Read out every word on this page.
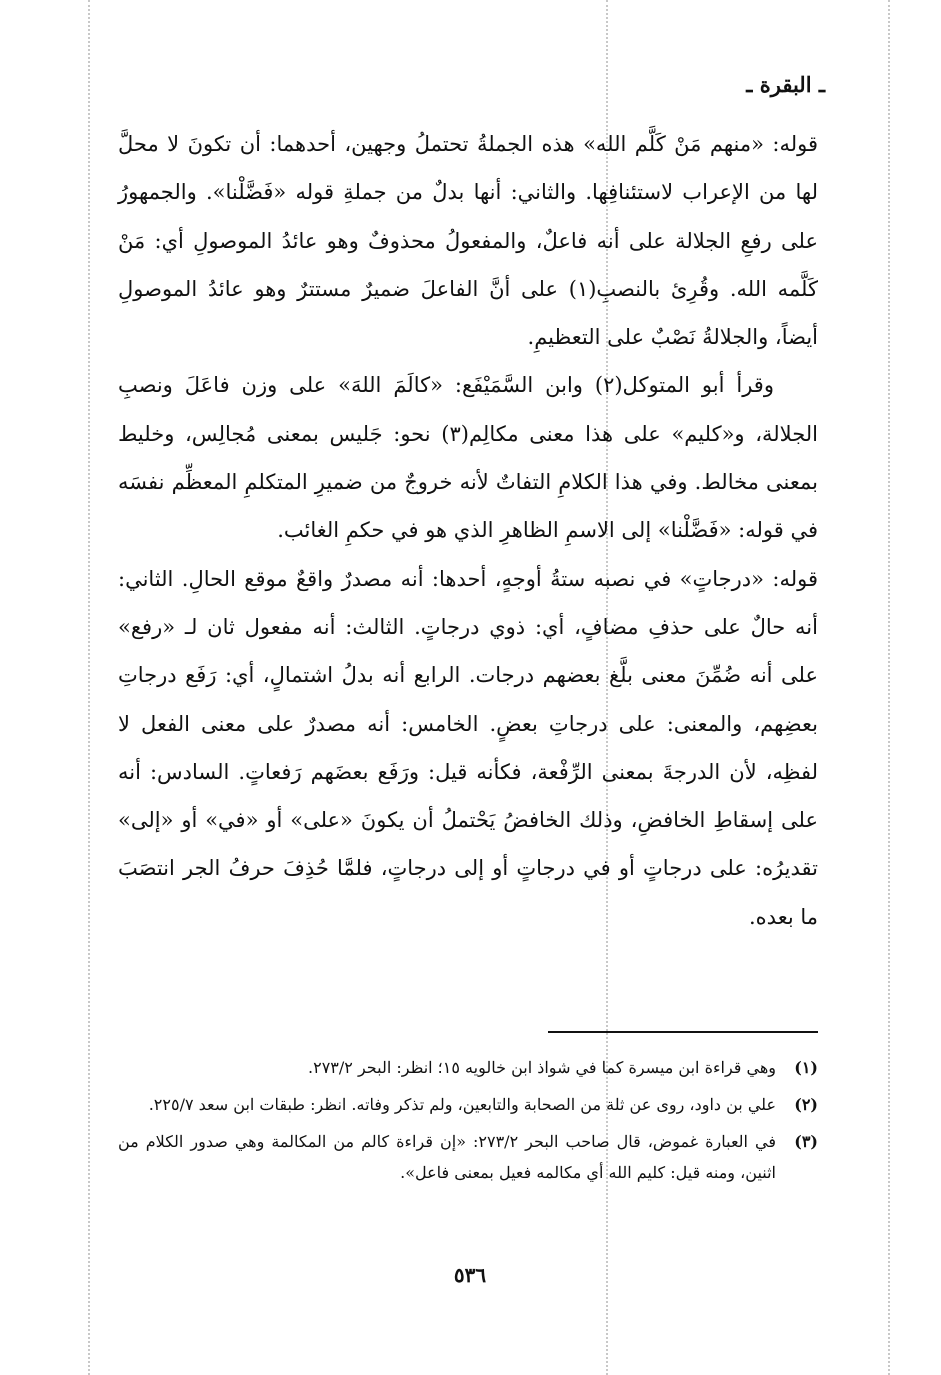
ـ البقرة ـ

قوله: «منهم مَنْ كَلَّم الله» هذه الجملةُ تحتملُ وجهين، أحدهما: أن تكونَ لا محلَّ لها من الإعراب لاستئنافِها. والثاني: أنها بدلٌ من جملةِ قوله «فَضَّلْنا». والجمهورُ على رفعِ الجلالة على أنه فاعلٌ، والمفعولُ محذوفٌ وهو عائدُ الموصولِ أي: مَنْ كَلَّمه الله. وقُرِئ بالنصبِ(١) على أنَّ الفاعلَ ضميرٌ مستترٌ وهو عائدُ الموصولِ أيضاً، والجلالةُ نَصْبٌ على التعظيمِ.

وقرأ أبو المتوكل(٢) وابن السَّمَيْفَع: «كالَمَ اللهَ» على وزن فاعَلَ ونصبِ الجلالة، و«كليم» على هذا معنى مكالِم(٣) نحو: جَليس بمعنى مُجالِس، وخليط بمعنى مخالط. وفي هذا الكلامِ التفاتٌ لأنه خروجٌ من ضميرِ المتكلمِ المعظِّم نفسَه في قوله: «فَضَّلْنا» إلى الاسمِ الظاهرِ الذي هو في حكمِ الغائب.

قوله: «درجاتٍ» في نصبه ستةُ أوجهٍ، أحدها: أنه مصدرٌ واقعٌ موقع الحالِ. الثاني: أنه حالٌ على حذفِ مضافٍ، أي: ذوي درجاتٍ. الثالث: أنه مفعول ثان لـ «رفع» على أنه ضُمِّنَ معنى بلَّغ بعضهم درجات. الرابع أنه بدلُ اشتمالٍ، أي: رَفَع درجاتِ بعضِهم، والمعنى: على درجاتِ بعضٍ. الخامس: أنه مصدرٌ على معنى الفعل لا لفظِه، لأن الدرجةَ بمعنى الرِّفْعة، فكأنه قيل: ورَفَع بعضَهم رَفعاتٍ. السادس: أنه على إسقاطِ الخافضِ، وذلك الخافضُ يَحْتملُ أن يكونَ «على» أو «في» أو «إلى» تقديرُه: على درجاتٍ أو في درجاتٍ أو إلى درجاتٍ، فلمَّا حُذِفَ حرفُ الجر انتصَبَ ما بعده.

(١)
وهي قراءة ابن ميسرة كما في شواذ ابن خالويه ١٥؛ انظر: البحر ٢٧٣/٢.
(٢)
علي بن داود، روى عن ثلة من الصحابة والتابعين، ولم تذكر وفاته. انظر: طبقات ابن سعد ٢٢٥/٧.
(٣)
في العبارة غموض، قال صاحب البحر ٢٧٣/٢: «إن قراءة كالم من المكالمة وهي صدور الكلام من اثنين، ومنه قيل: كليم الله أي مكالمه فعيل بمعنى فاعل».
٥٣٦
